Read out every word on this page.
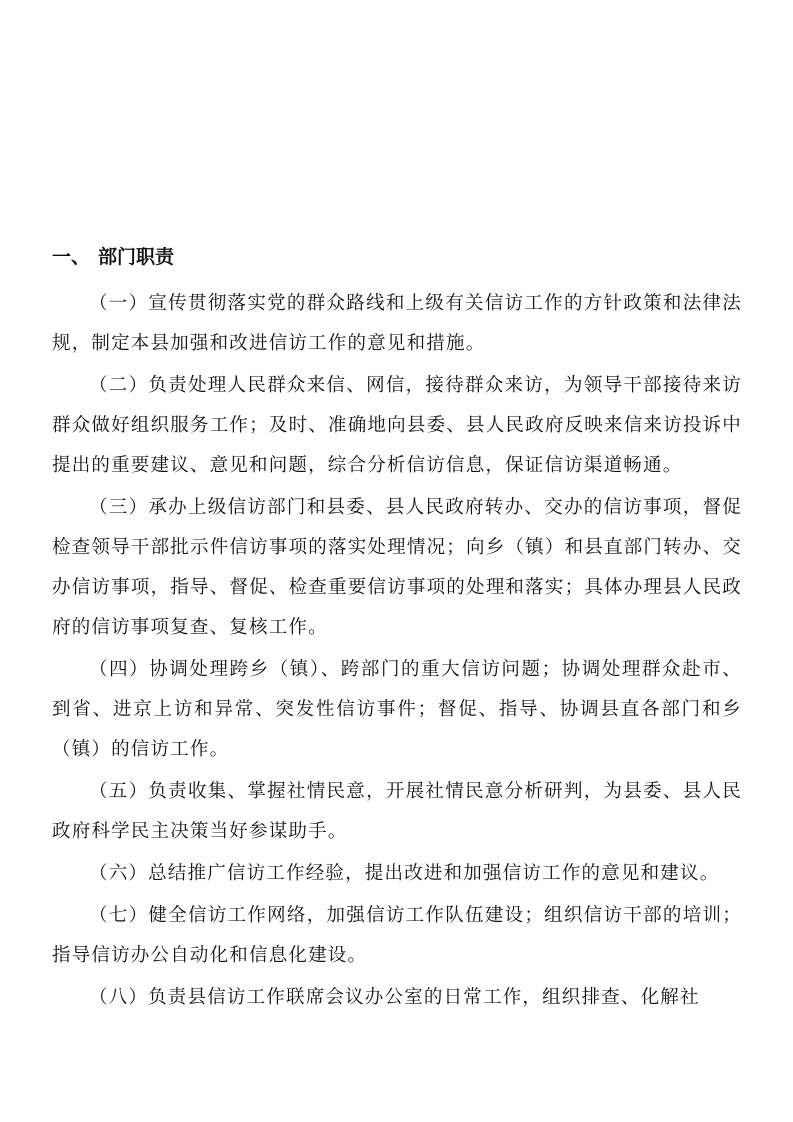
一、 部门职责

（一）宣传贯彻落实党的群众路线和上级有关信访工作的方针政策和法律法规，制定本县加强和改进信访工作的意见和措施。

（二）负责处理人民群众来信、网信，接待群众来访，为领导干部接待来访群众做好组织服务工作；及时、准确地向县委、县人民政府反映来信来访投诉中提出的重要建议、意见和问题，综合分析信访信息，保证信访渠道畅通。

（三）承办上级信访部门和县委、县人民政府转办、交办的信访事项，督促检查领导干部批示件信访事项的落实处理情况；向乡（镇）和县直部门转办、交办信访事项，指导、督促、检查重要信访事项的处理和落实；具体办理县人民政府的信访事项复查、复核工作。

（四）协调处理跨乡（镇）、跨部门的重大信访问题；协调处理群众赴市、到省、进京上访和异常、突发性信访事件；督促、指导、协调县直各部门和乡（镇）的信访工作。

（五）负责收集、掌握社情民意，开展社情民意分析研判，为县委、县人民政府科学民主决策当好参谋助手。

（六）总结推广信访工作经验，提出改进和加强信访工作的意见和建议。

（七）健全信访工作网络，加强信访工作队伍建设；组织信访干部的培训；指导信访办公自动化和信息化建设。

（八）负责县信访工作联席会议办公室的日常工作，组织排查、化解社
